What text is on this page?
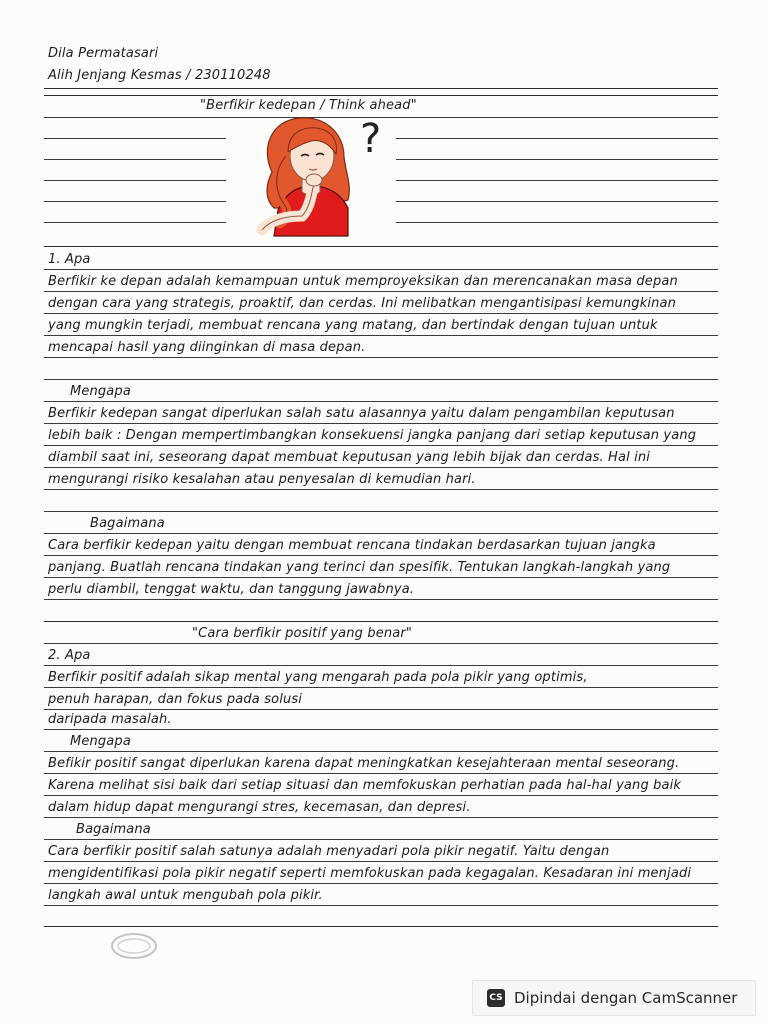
Dila Permatasari
Alih Jenjang Kesmas / 230110248
"Berfikir kedepan / Think ahead"
?
1. Apa
Berfikir ke depan adalah kemampuan untuk memproyeksikan dan merencanakan masa depan
dengan cara yang strategis, proaktif, dan cerdas. Ini melibatkan mengantisipasi kemungkinan
yang mungkin terjadi, membuat rencana yang matang, dan bertindak dengan tujuan untuk
mencapai hasil yang diinginkan di masa depan.
Mengapa
Berfikir kedepan sangat diperlukan salah satu alasannya yaitu dalam pengambilan keputusan
lebih baik : Dengan mempertimbangkan konsekuensi jangka panjang dari setiap keputusan yang
diambil saat ini, seseorang dapat membuat keputusan yang lebih bijak dan cerdas. Hal ini
mengurangi risiko kesalahan atau penyesalan di kemudian hari.
Bagaimana
Cara berfikir kedepan yaitu dengan membuat rencana tindakan berdasarkan tujuan jangka
panjang. Buatlah rencana tindakan yang terinci dan spesifik. Tentukan langkah-langkah yang
perlu diambil, tenggat waktu, dan tanggung jawabnya.
"Cara berfikir positif yang benar"
2. Apa
Berfikir positif adalah sikap mental yang mengarah pada pola pikir yang optimis,
penuh harapan, dan fokus pada solusi
daripada masalah.
Mengapa
Befikir positif sangat diperlukan karena dapat meningkatkan kesejahteraan mental seseorang.
Karena melihat sisi baik dari setiap situasi dan memfokuskan perhatian pada hal-hal yang baik
dalam hidup dapat mengurangi stres, kecemasan, dan depresi.
Bagaimana
Cara berfikir positif salah satunya adalah menyadari pola pikir negatif. Yaitu dengan
mengidentifikasi pola pikir negatif seperti memfokuskan pada kegagalan. Kesadaran ini menjadi
langkah awal untuk mengubah pola pikir.
CS Dipindai dengan CamScanner
